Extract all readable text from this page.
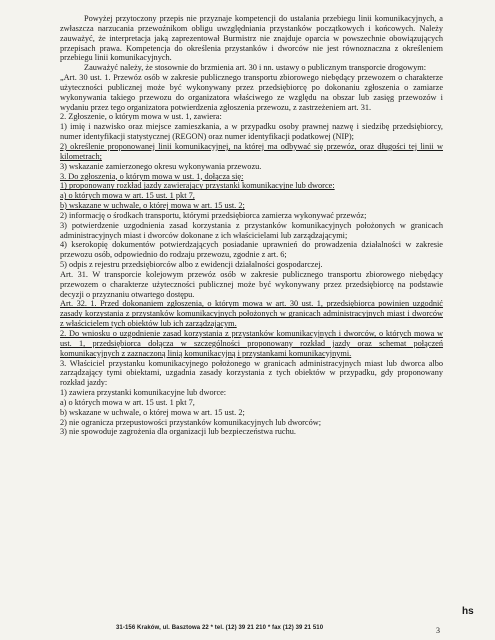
Powyżej przytoczony przepis nie przyznaje kompetencji do ustalania przebiegu linii komunikacyjnych, a zwłaszcza narzucania przewoźnikom obligu uwzględniania przystanków początkowych i końcowych. Należy zauważyć, że interpretacja jaką zaprezentował Burmistrz nie znajduje oparcia w powszechnie obowiązujących przepisach prawa. Kompetencja do określenia przystanków i dworców nie jest równoznaczna z określeniem przebiegu linii komunikacyjnych.

Zauważyć należy, że stosownie do brzmienia art. 30 i nn. ustawy o publicznym transporcie drogowym:

„Art. 30 ust. 1. Przewóz osób w zakresie publicznego transportu zbiorowego niebędący przewozem o charakterze użyteczności publicznej może być wykonywany przez przedsiębiorcę po dokonaniu zgłoszenia o zamiarze wykonywania takiego przewozu do organizatora właściwego ze względu na obszar lub zasięg przewozów i wydaniu przez tego organizatora potwierdzenia zgłoszenia przewozu, z zastrzeżeniem art. 31.

2. Zgłoszenie, o którym mowa w ust. 1, zawiera:

1) imię i nazwisko oraz miejsce zamieszkania, a w przypadku osoby prawnej nazwę i siedzibę przedsiębiorcy, numer identyfikacji statystycznej (REGON) oraz numer identyfikacji podatkowej (NIP);

2) określenie proponowanej linii komunikacyjnej, na której ma odbywać się przewóz, oraz długości tej linii w kilometrach;

3) wskazanie zamierzonego okresu wykonywania przewozu.

3. Do zgłoszenia, o którym mowa w ust. 1, dołącza się:

1) proponowany rozkład jazdy zawierający przystanki komunikacyjne lub dworce:

a) o których mowa w art. 15 ust. 1 pkt 7,

b) wskazane w uchwale, o której mowa w art. 15 ust. 2;

2) informację o środkach transportu, którymi przedsiębiorca zamierza wykonywać przewóz;

3) potwierdzenie uzgodnienia zasad korzystania z przystanków komunikacyjnych położonych w granicach administracyjnych miast i dworców dokonane z ich właścicielami lub zarządzającymi;

4) kserokopię dokumentów potwierdzających posiadanie uprawnień do prowadzenia działalności w zakresie przewozu osób, odpowiednio do rodzaju przewozu, zgodnie z art. 6;

5) odpis z rejestru przedsiębiorców albo z ewidencji działalności gospodarczej.

Art. 31. W transporcie kolejowym przewóz osób w zakresie publicznego transportu zbiorowego niebędący przewozem o charakterze użyteczności publicznej może być wykonywany przez przedsiębiorcę na podstawie decyzji o przyznaniu otwartego dostępu.

Art. 32. 1. Przed dokonaniem zgłoszenia, o którym mowa w art. 30 ust. 1, przedsiębiorca powinien uzgodnić zasady korzystania z przystanków komunikacyjnych położonych w granicach administracyjnych miast i dworców z właścicielem tych obiektów lub ich zarządzającym.

2. Do wniosku o uzgodnienie zasad korzystania z przystanków komunikacyjnych i dworców, o których mowa w ust. 1, przedsiębiorca dołącza w szczególności proponowany rozkład jazdy oraz schemat połączeń komunikacyjnych z zaznaczoną linią komunikacyjną i przystankami komunikacyjnymi.

3. Właściciel przystanku komunikacyjnego położonego w granicach administracyjnych miast lub dworca albo zarządzający tymi obiektami, uzgadnia zasady korzystania z tych obiektów w przypadku, gdy proponowany rozkład jazdy:

1) zawiera przystanki komunikacyjne lub dworce:

a) o których mowa w art. 15 ust. 1 pkt 7,

b) wskazane w uchwale, o której mowa w art. 15 ust. 2;

2) nie ogranicza przepustowości przystanków komunikacyjnych lub dworców;

3) nie spowoduje zagrożenia dla organizacji lub bezpieczeństwa ruchu.

hs
31-156 Kraków, ul. Basztowa 22 * tel. (12) 39 21 210 * fax (12) 39 21 510	3
